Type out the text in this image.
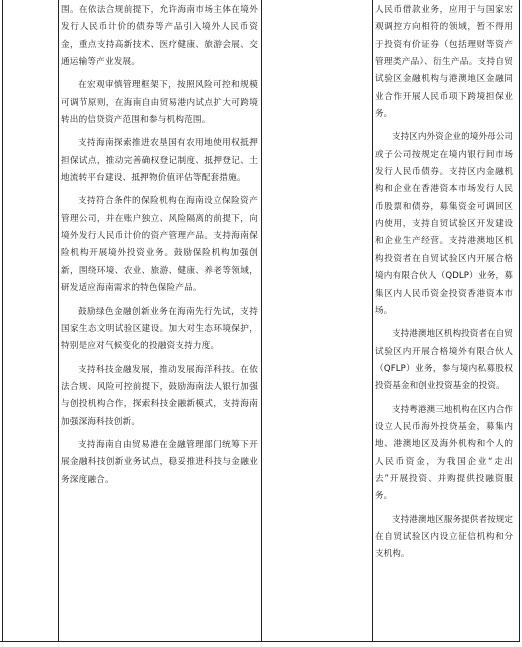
围。在依法合规前提下，允许海南市场主体在境外发行人民币计价的债券等产品引入境外人民币资金，重点支持高新技术、医疗健康、旅游会展、交通运输等产业发展。

在宏观审慎管理框架下，按照风险可控和规模可调节原则，在海南自由贸易港内试点扩大可跨境转出的信贷资产范围和参与机构范围。

支持海南探索推进农垦国有农用地使用权抵押担保试点，推动完善确权登记制度、抵押登记、土地流转平台建设、抵押物价值评估等配套措施。

支持符合条件的保险机构在海南设立保险资产管理公司，并在账户独立、风险隔离的前提下，向境外发行人民币计价的资产管理产品。支持海南保险机构开展境外投资业务。鼓励保险机构加强创新，围绕环境、农业、旅游、健康、养老等领域，研发适应海南需求的特色保险产品。

鼓励绿色金融创新业务在海南先行先试，支持国家生态文明试验区建设。加大对生态环境保护，特别是应对气候变化的投融资支持力度。

支持科技金融发展，推动发展海洋科技。在依法合规、风险可控前提下，鼓励海南法人银行加强与创投机构合作，探索科技金融新模式，支持海南加强深海科技创新。

支持海南自由贸易港在金融管理部门统筹下开展金融科技创新业务试点，稳妥推进科技与金融业务深度融合。

人民币借款业务，应用于与国家宏观调控方向相符的领域，暂不得用于投资有价证券（包括理财等资产管理类产品）、衍生产品。支持自贸试验区金融机构与港澳地区金融同业合作开展人民币项下跨境担保业务。

支持区内外资企业的境外母公司或子公司按规定在境内银行间市场发行人民币债券。支持区内金融机构和企业在香港资本市场发行人民币股票和债券，募集资金可调回区内使用，支持自贸试验区开发建设和企业生产经营。支持港澳地区机构投资者在自贸试验区内开展合格境内有限合伙人（QDLP）业务，募集区内人民币资金投资香港资本市场。

支持港澳地区机构投资者在自贸试验区内开展合格境外有限合伙人（QFLP）业务，参与境内私募股权投资基金和创业投资基金的投资。

支持粤港澳三地机构在区内合作设立人民币海外投贷基金，募集内地、港澳地区及海外机构和个人的人民币资金，为我国企业“走出去”开展投资、并购提供投融资服务。

支持港澳地区服务提供者按规定在自贸试验区内设立征信机构和分支机构。
